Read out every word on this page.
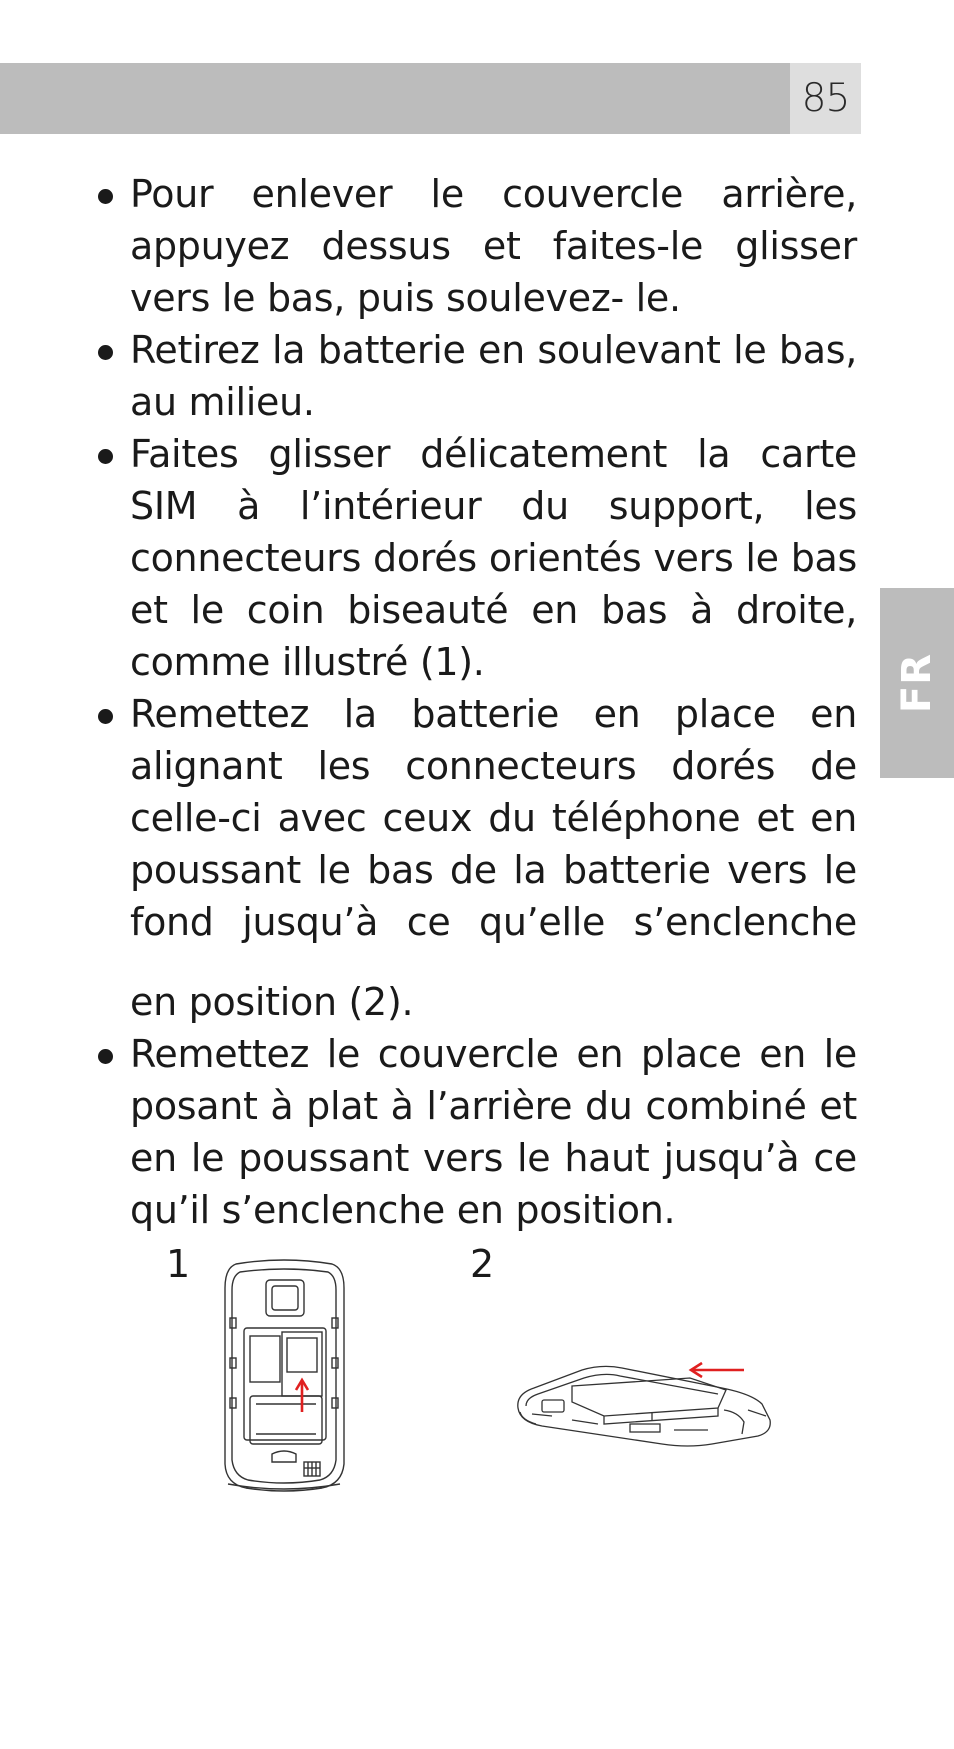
85
FR
Pour enlever le couvercle arrière, appuyez dessus et faites-le glisser vers le bas, puis soulevez- le.
Retirez la batterie en soulevant le bas, au milieu.
Faites glisser délicatement la carte SIM à l’intérieur du support, les connecteurs dorés orientés vers le bas et le coin biseauté en bas à droite, comme illustré (1).
Remettez la batterie en place en alignant les connecteurs dorés de celle-ci avec ceux du téléphone et en poussant le bas de la batterie vers le fond jusqu’à ce qu’elle s’enclenche
en position (2).
Remettez le couvercle en place en le posant à plat à l’arrière du combiné et en le poussant vers le haut jusqu’à ce qu’il s’enclenche en position.
1	2
